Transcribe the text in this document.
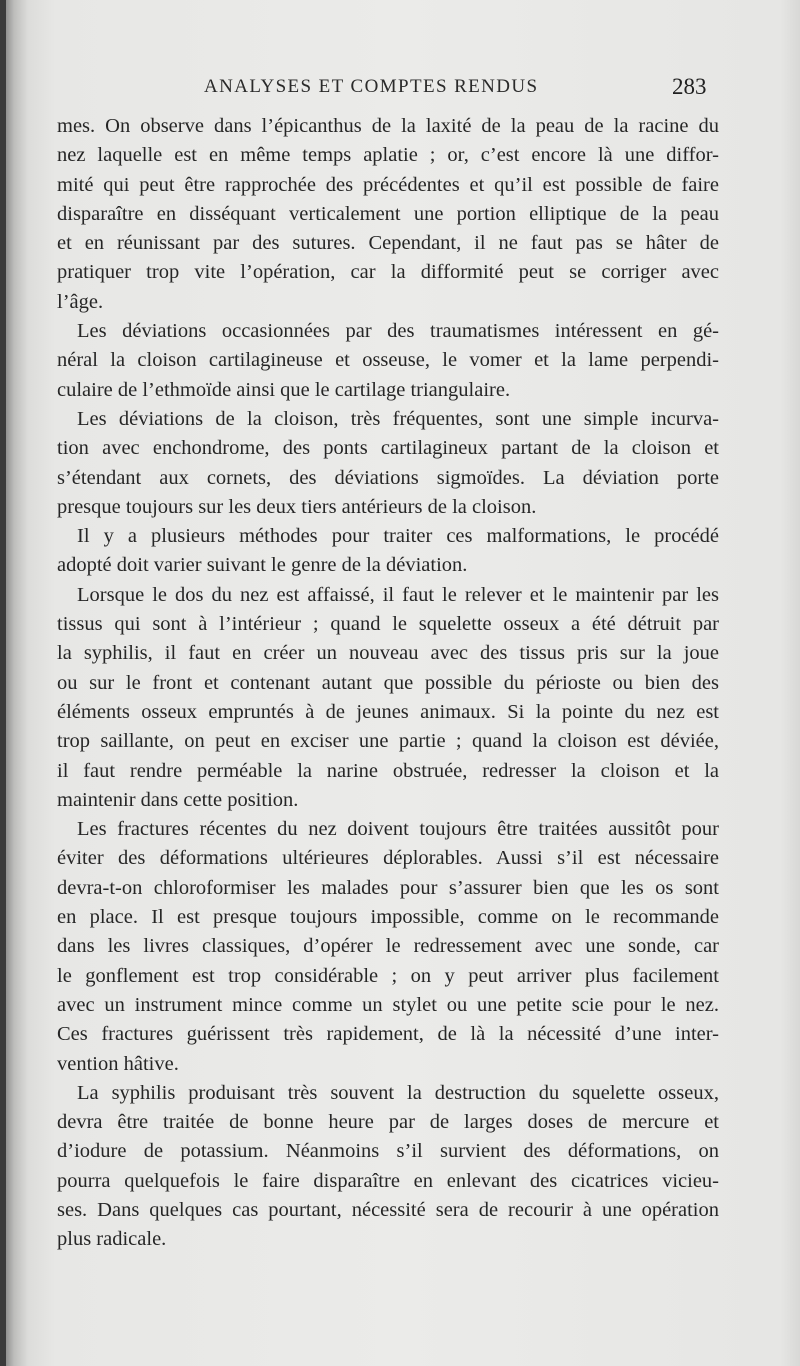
ANALYSES ET COMPTES RENDUS	283
mes. On observe dans l’épicanthus de la laxité de la peau de la racine du
nez laquelle est en même temps aplatie ; or, c’est encore là une diffor-
mité qui peut être rapprochée des précédentes et qu’il est possible de faire
disparaître en disséquant verticalement une portion elliptique de la peau
et en réunissant par des sutures. Cependant, il ne faut pas se hâter de
pratiquer trop vite l’opération, car la difformité peut se corriger avec
l’âge.
Les déviations occasionnées par des traumatismes intéressent en gé-
néral la cloison cartilagineuse et osseuse, le vomer et la lame perpendi-
culaire de l’ethmoïde ainsi que le cartilage triangulaire.
Les déviations de la cloison, très fréquentes, sont une simple incurva-
tion avec enchondrome, des ponts cartilagineux partant de la cloison et
s’étendant aux cornets, des déviations sigmoïdes. La déviation porte
presque toujours sur les deux tiers antérieurs de la cloison.
Il y a plusieurs méthodes pour traiter ces malformations, le procédé
adopté doit varier suivant le genre de la déviation.
Lorsque le dos du nez est affaissé, il faut le relever et le maintenir par les
tissus qui sont à l’intérieur ; quand le squelette osseux a été détruit par
la syphilis, il faut en créer un nouveau avec des tissus pris sur la joue
ou sur le front et contenant autant que possible du périoste ou bien des
éléments osseux empruntés à de jeunes animaux. Si la pointe du nez est
trop saillante, on peut en exciser une partie ; quand la cloison est déviée,
il faut rendre perméable la narine obstruée, redresser la cloison et la
maintenir dans cette position.
Les fractures récentes du nez doivent toujours être traitées aussitôt pour
éviter des déformations ultérieures déplorables. Aussi s’il est nécessaire
devra-t-on chloroformiser les malades pour s’assurer bien que les os sont
en place. Il est presque toujours impossible, comme on le recommande
dans les livres classiques, d’opérer le redressement avec une sonde, car
le gonflement est trop considérable ; on y peut arriver plus facilement
avec un instrument mince comme un stylet ou une petite scie pour le nez.
Ces fractures guérissent très rapidement, de là la nécessité d’une inter-
vention hâtive.
La syphilis produisant très souvent la destruction du squelette osseux,
devra être traitée de bonne heure par de larges doses de mercure et
d’iodure de potassium. Néanmoins s’il survient des déformations, on
pourra quelquefois le faire disparaître en enlevant des cicatrices vicieu-
ses. Dans quelques cas pourtant, nécessité sera de recourir à une opération
plus radicale.
